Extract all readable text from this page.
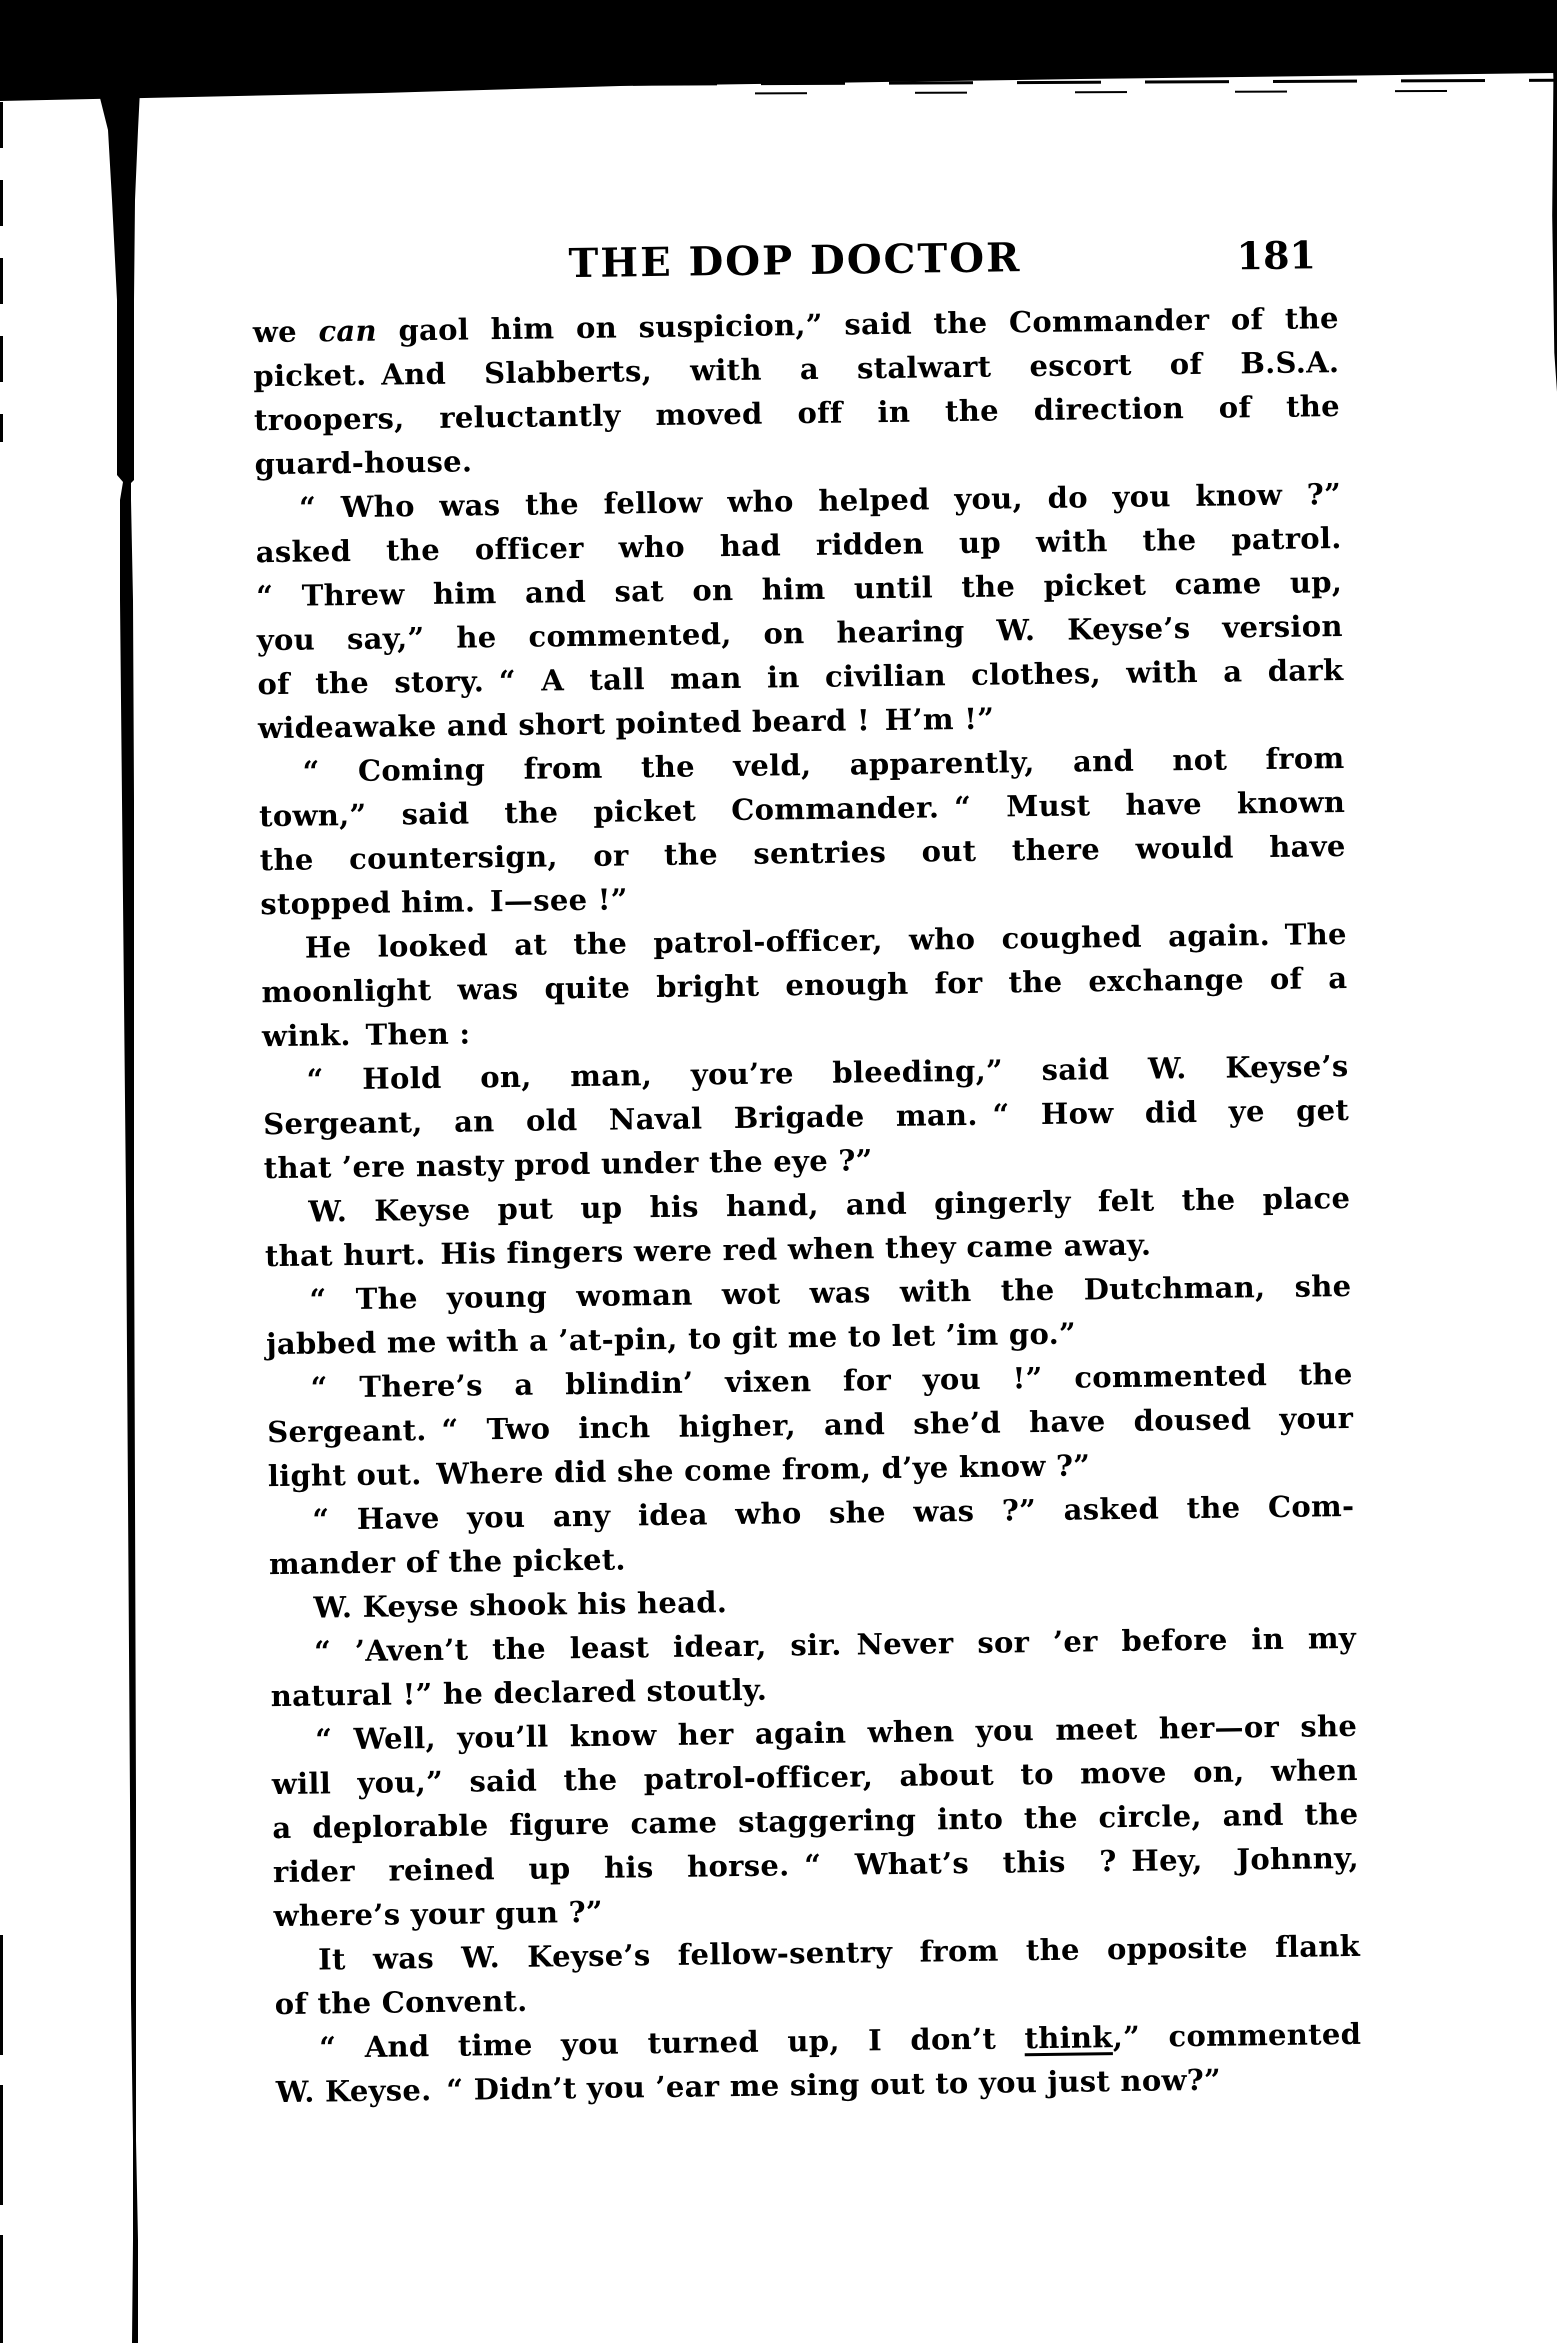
THE DOP DOCTOR	181
we can gaol him on suspicion,” said the Commander of the
picket. And Slabberts, with a stalwart escort of B.S.A.
troopers, reluctantly moved off in the direction of the
guard-house.
“ Who was the fellow who helped you, do you know ?”
asked the officer who had ridden up with the patrol.
“ Threw him and sat on him until the picket came up,
you say,” he commented, on hearing W. Keyse’s version
of the story. “ A tall man in civilian clothes, with a dark
wideawake and short pointed beard ! H’m !”
“ Coming from the veld, apparently, and not from
town,” said the picket Commander. “ Must have known
the countersign, or the sentries out there would have
stopped him. I—see !”
He looked at the patrol-officer, who coughed again. The
moonlight was quite bright enough for the exchange of a
wink. Then :
“ Hold on, man, you’re bleeding,” said W. Keyse’s
Sergeant, an old Naval Brigade man. “ How did ye get
that ’ere nasty prod under the eye ?”
W. Keyse put up his hand, and gingerly felt the place
that hurt. His fingers were red when they came away.
“ The young woman wot was with the Dutchman, she
jabbed me with a ’at-pin, to git me to let ’im go.”
“ There’s a blindin’ vixen for you !” commented the
Sergeant. “ Two inch higher, and she’d have doused your
light out. Where did she come from, d’ye know ?”
“ Have you any idea who she was ?” asked the Com-
mander of the picket.
W. Keyse shook his head.
“ ’Aven’t the least idear, sir. Never sor ’er before in my
natural !” he declared stoutly.
“ Well, you’ll know her again when you meet her—or she
will you,” said the patrol-officer, about to move on, when
a deplorable figure came staggering into the circle, and the
rider reined up his horse. “ What’s this ? Hey, Johnny,
where’s your gun ?”
It was W. Keyse’s fellow-sentry from the opposite flank
of the Convent.
“ And time you turned up, I don’t think,” commented
W. Keyse. “ Didn’t you ’ear me sing out to you just now?”
